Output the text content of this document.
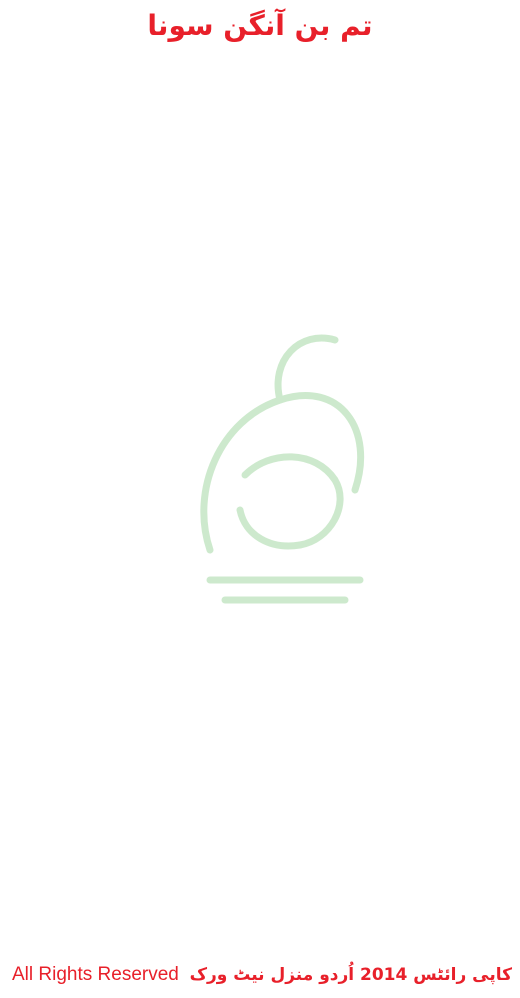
تم بن آنگن سونا
All Rights Reserved کاپی رائٹس 2014 اُردو منزل نیٹ ورک
